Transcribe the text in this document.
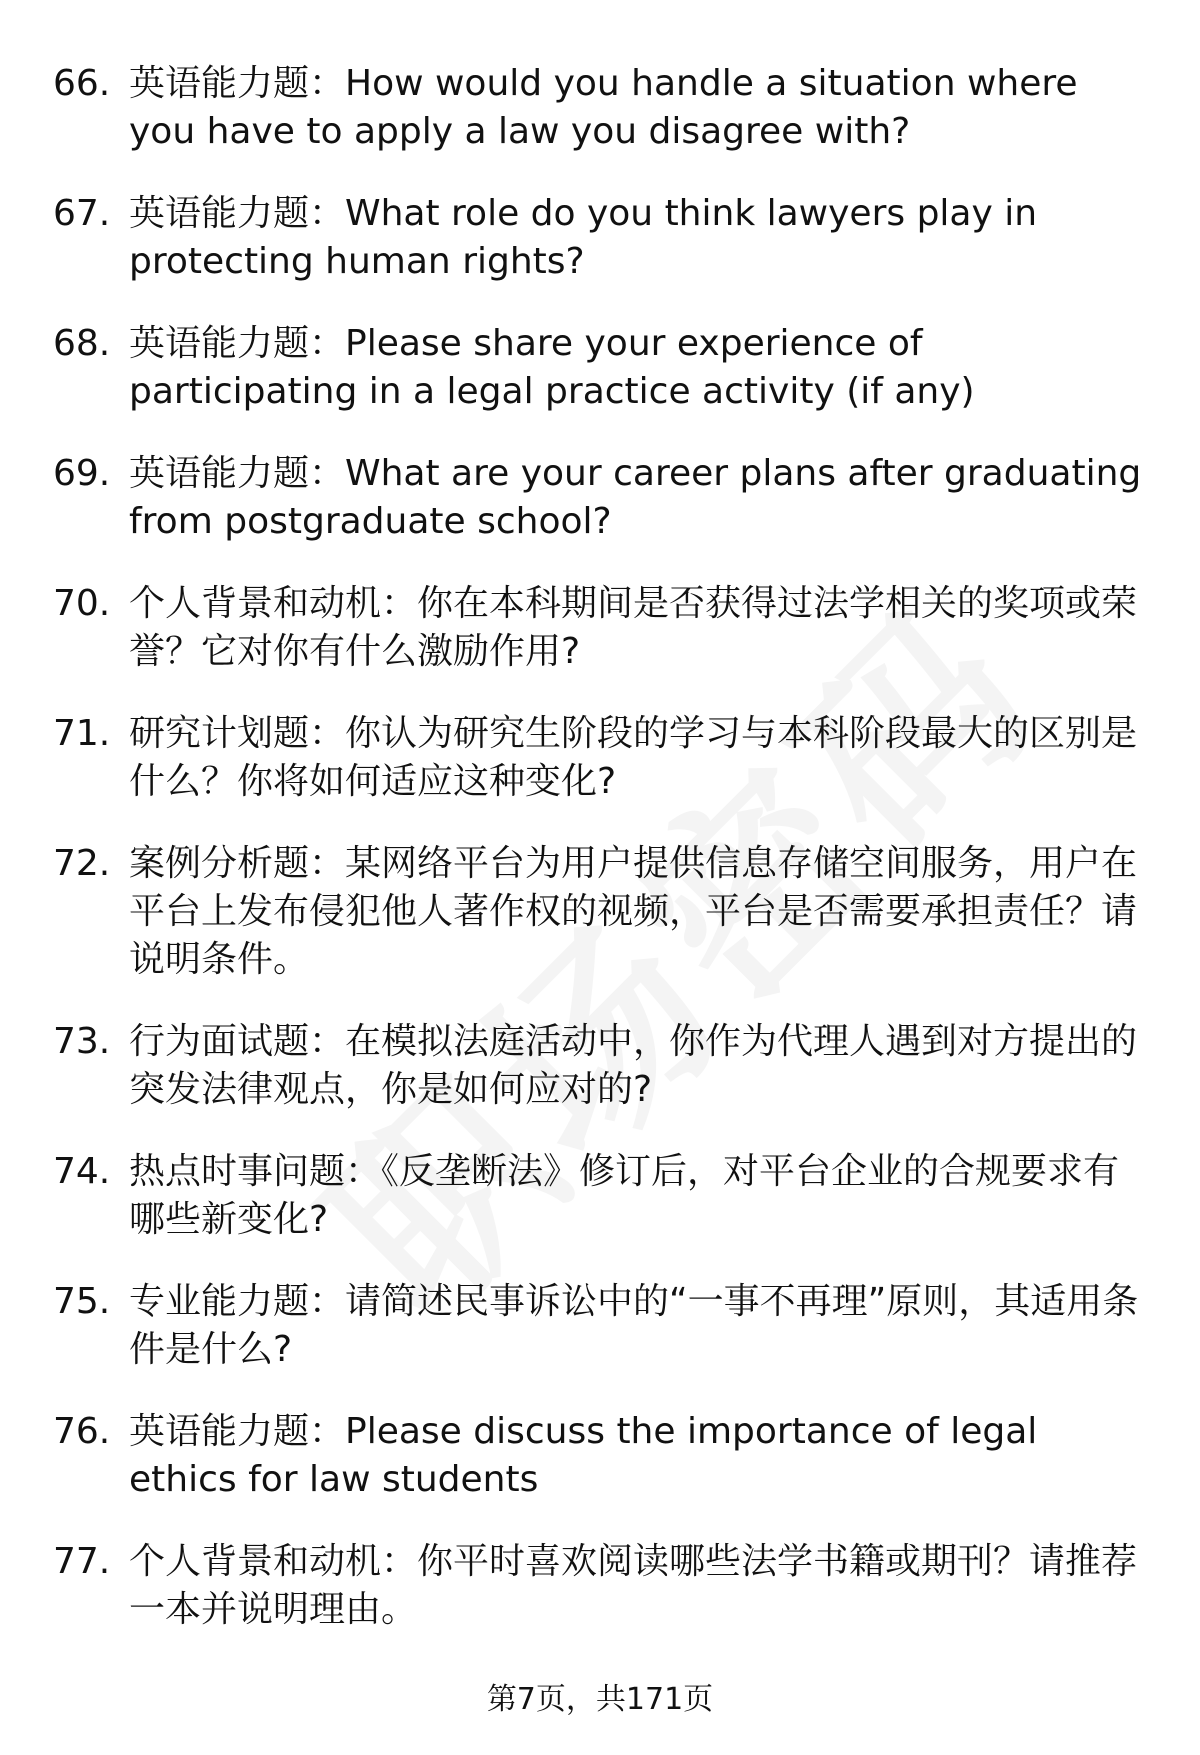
66. 英语能力题：How would you handle a situation where you have to apply a law you disagree with?
67. 英语能力题：What role do you think lawyers play in protecting human rights?
68. 英语能力题：Please share your experience of participating in a legal practice activity (if any)
69. 英语能力题：What are your career plans after graduating from postgraduate school?
70. 个人背景和动机：你在本科期间是否获得过法学相关的奖项或荣誉？它对你有什么激励作用?
71. 研究计划题：你认为研究生阶段的学习与本科阶段最大的区别是什么？你将如何适应这种变化?
72. 案例分析题：某网络平台为用户提供信息存储空间服务，用户在平台上发布侵犯他人著作权的视频，平台是否需要承担责任？请说明条件。
73. 行为面试题：在模拟法庭活动中，你作为代理人遇到对方提出的突发法律观点，你是如何应对的?
74. 热点时事问题：《反垄断法》修订后，对平台企业的合规要求有哪些新变化?
75. 专业能力题：请简述民事诉讼中的“一事不再理”原则，其适用条件是什么?
76. 英语能力题：Please discuss the importance of legal ethics for law students
77. 个人背景和动机：你平时喜欢阅读哪些法学书籍或期刊？请推荐一本并说明理由。
第7页，共171页
